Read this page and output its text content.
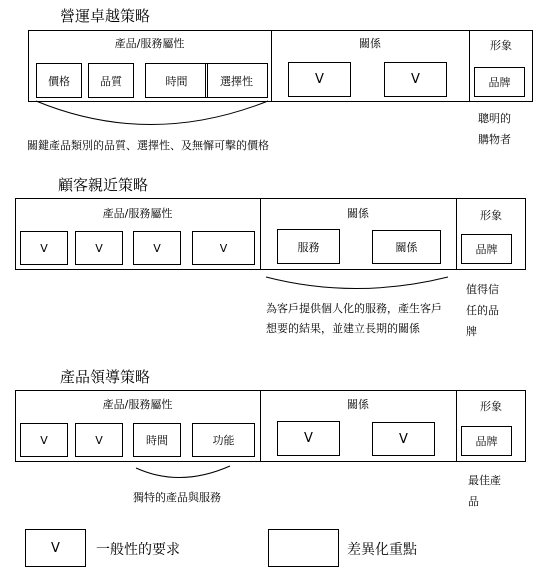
營運卓越策略
產品/服務屬性	關係	形象
價格	品質	時間	選擇性	V	V	品牌
關鍵產品類別的品質、選擇性、及無懈可擊的價格
聰明的
購物者
顧客親近策略
產品/服務屬性	關係	形象
V	V	V	V	服務	關係	品牌
為客戶提供個人化的服務，產生客戶
想要的結果，並建立長期的關係
值得信
任的品
牌
產品領導策略
產品/服務屬性	關係	形象
V	V	時間	功能	V	V	品牌
獨特的產品與服務
最佳產
品
V	一般性的要求	差異化重點
